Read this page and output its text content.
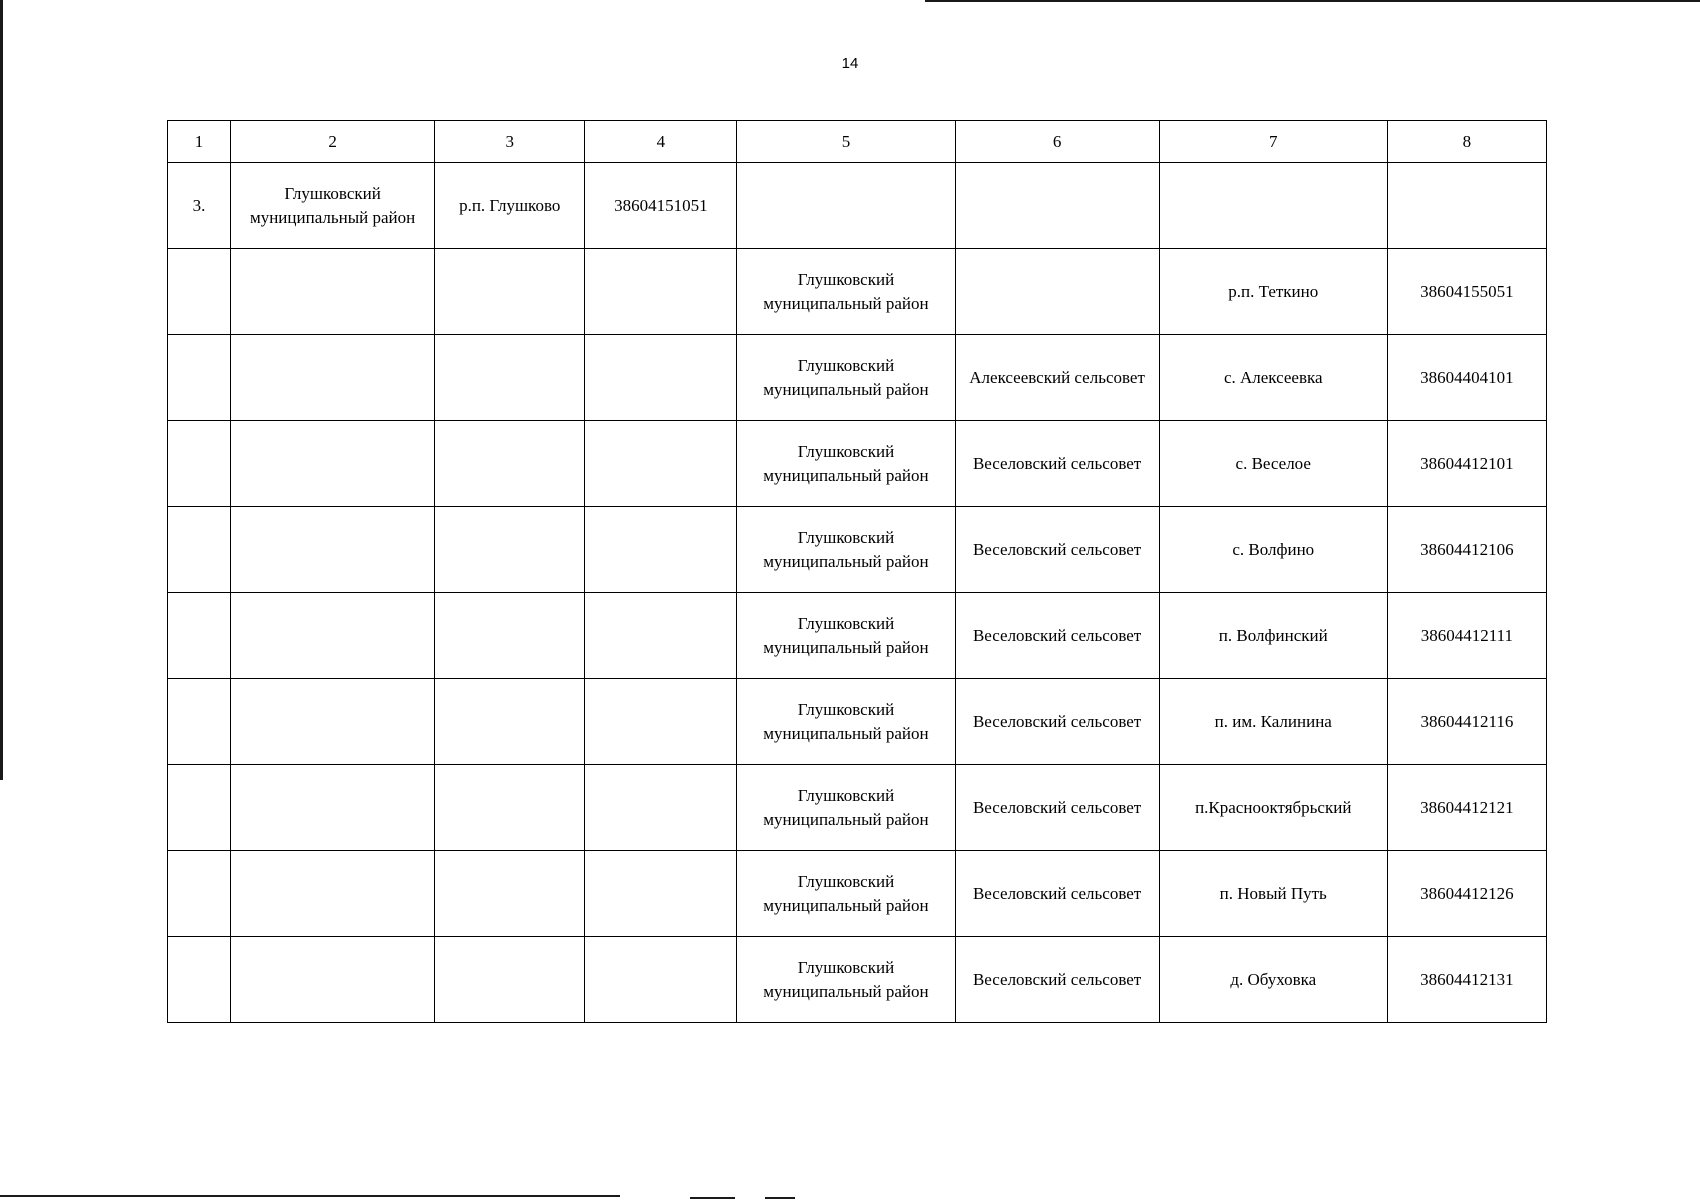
14
1	2	3	4	5	6	7	8
3.	Глушковский муниципальный район	р.п. Глушково	38604151051				
				Глушковский муниципальный район		р.п. Теткино	38604155051
				Глушковский муниципальный район	Алексеевский сельсовет	с. Алексеевка	38604404101
				Глушковский муниципальный район	Веселовский сельсовет	с. Веселое	38604412101
				Глушковский муниципальный район	Веселовский сельсовет	с. Волфино	38604412106
				Глушковский муниципальный район	Веселовский сельсовет	п. Волфинский	38604412111
				Глушковский муниципальный район	Веселовский сельсовет	п. им. Калинина	38604412116
				Глушковский муниципальный район	Веселовский сельсовет	п.Краснооктябрьский	38604412121
				Глушковский муниципальный район	Веселовский сельсовет	п. Новый Путь	38604412126
				Глушковский муниципальный район	Веселовский сельсовет	д. Обуховка	38604412131
